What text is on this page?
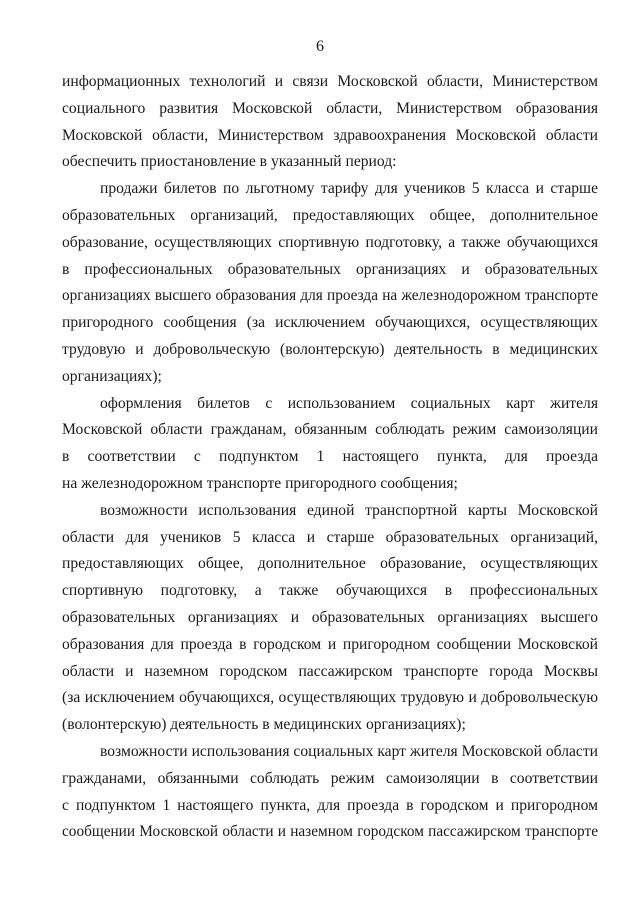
6
информационных технологий и связи Московской области, Министерством
социального развития Московской области, Министерством образования
Московской области, Министерством здравоохранения Московской области
обеспечить приостановление в указанный период:
продажи билетов по льготному тарифу для учеников 5 класса и старше
образовательных организаций, предоставляющих общее, дополнительное
образование, осуществляющих спортивную подготовку, а также обучающихся
в профессиональных образовательных организациях и образовательных
организациях высшего образования для проезда на железнодорожном транспорте
пригородного сообщения (за исключением обучающихся, осуществляющих
трудовую и добровольческую (волонтерскую) деятельность в медицинских
организациях);
оформления билетов с использованием социальных карт жителя
Московской области гражданам, обязанным соблюдать режим самоизоляции
в соответствии с подпунктом 1 настоящего пункта, для проезда
на железнодорожном транспорте пригородного сообщения;
возможности использования единой транспортной карты Московской
области для учеников 5 класса и старше образовательных организаций,
предоставляющих общее, дополнительное образование, осуществляющих
спортивную подготовку, а также обучающихся в профессиональных
образовательных организациях и образовательных организациях высшего
образования для проезда в городском и пригородном сообщении Московской
области и наземном городском пассажирском транспорте города Москвы
(за исключением обучающихся, осуществляющих трудовую и добровольческую
(волонтерскую) деятельность в медицинских организациях);
возможности использования социальных карт жителя Московской области
гражданами, обязанными соблюдать режим самоизоляции в соответствии
с подпунктом 1 настоящего пункта, для проезда в городском и пригородном
сообщении Московской области и наземном городском пассажирском транспорте
